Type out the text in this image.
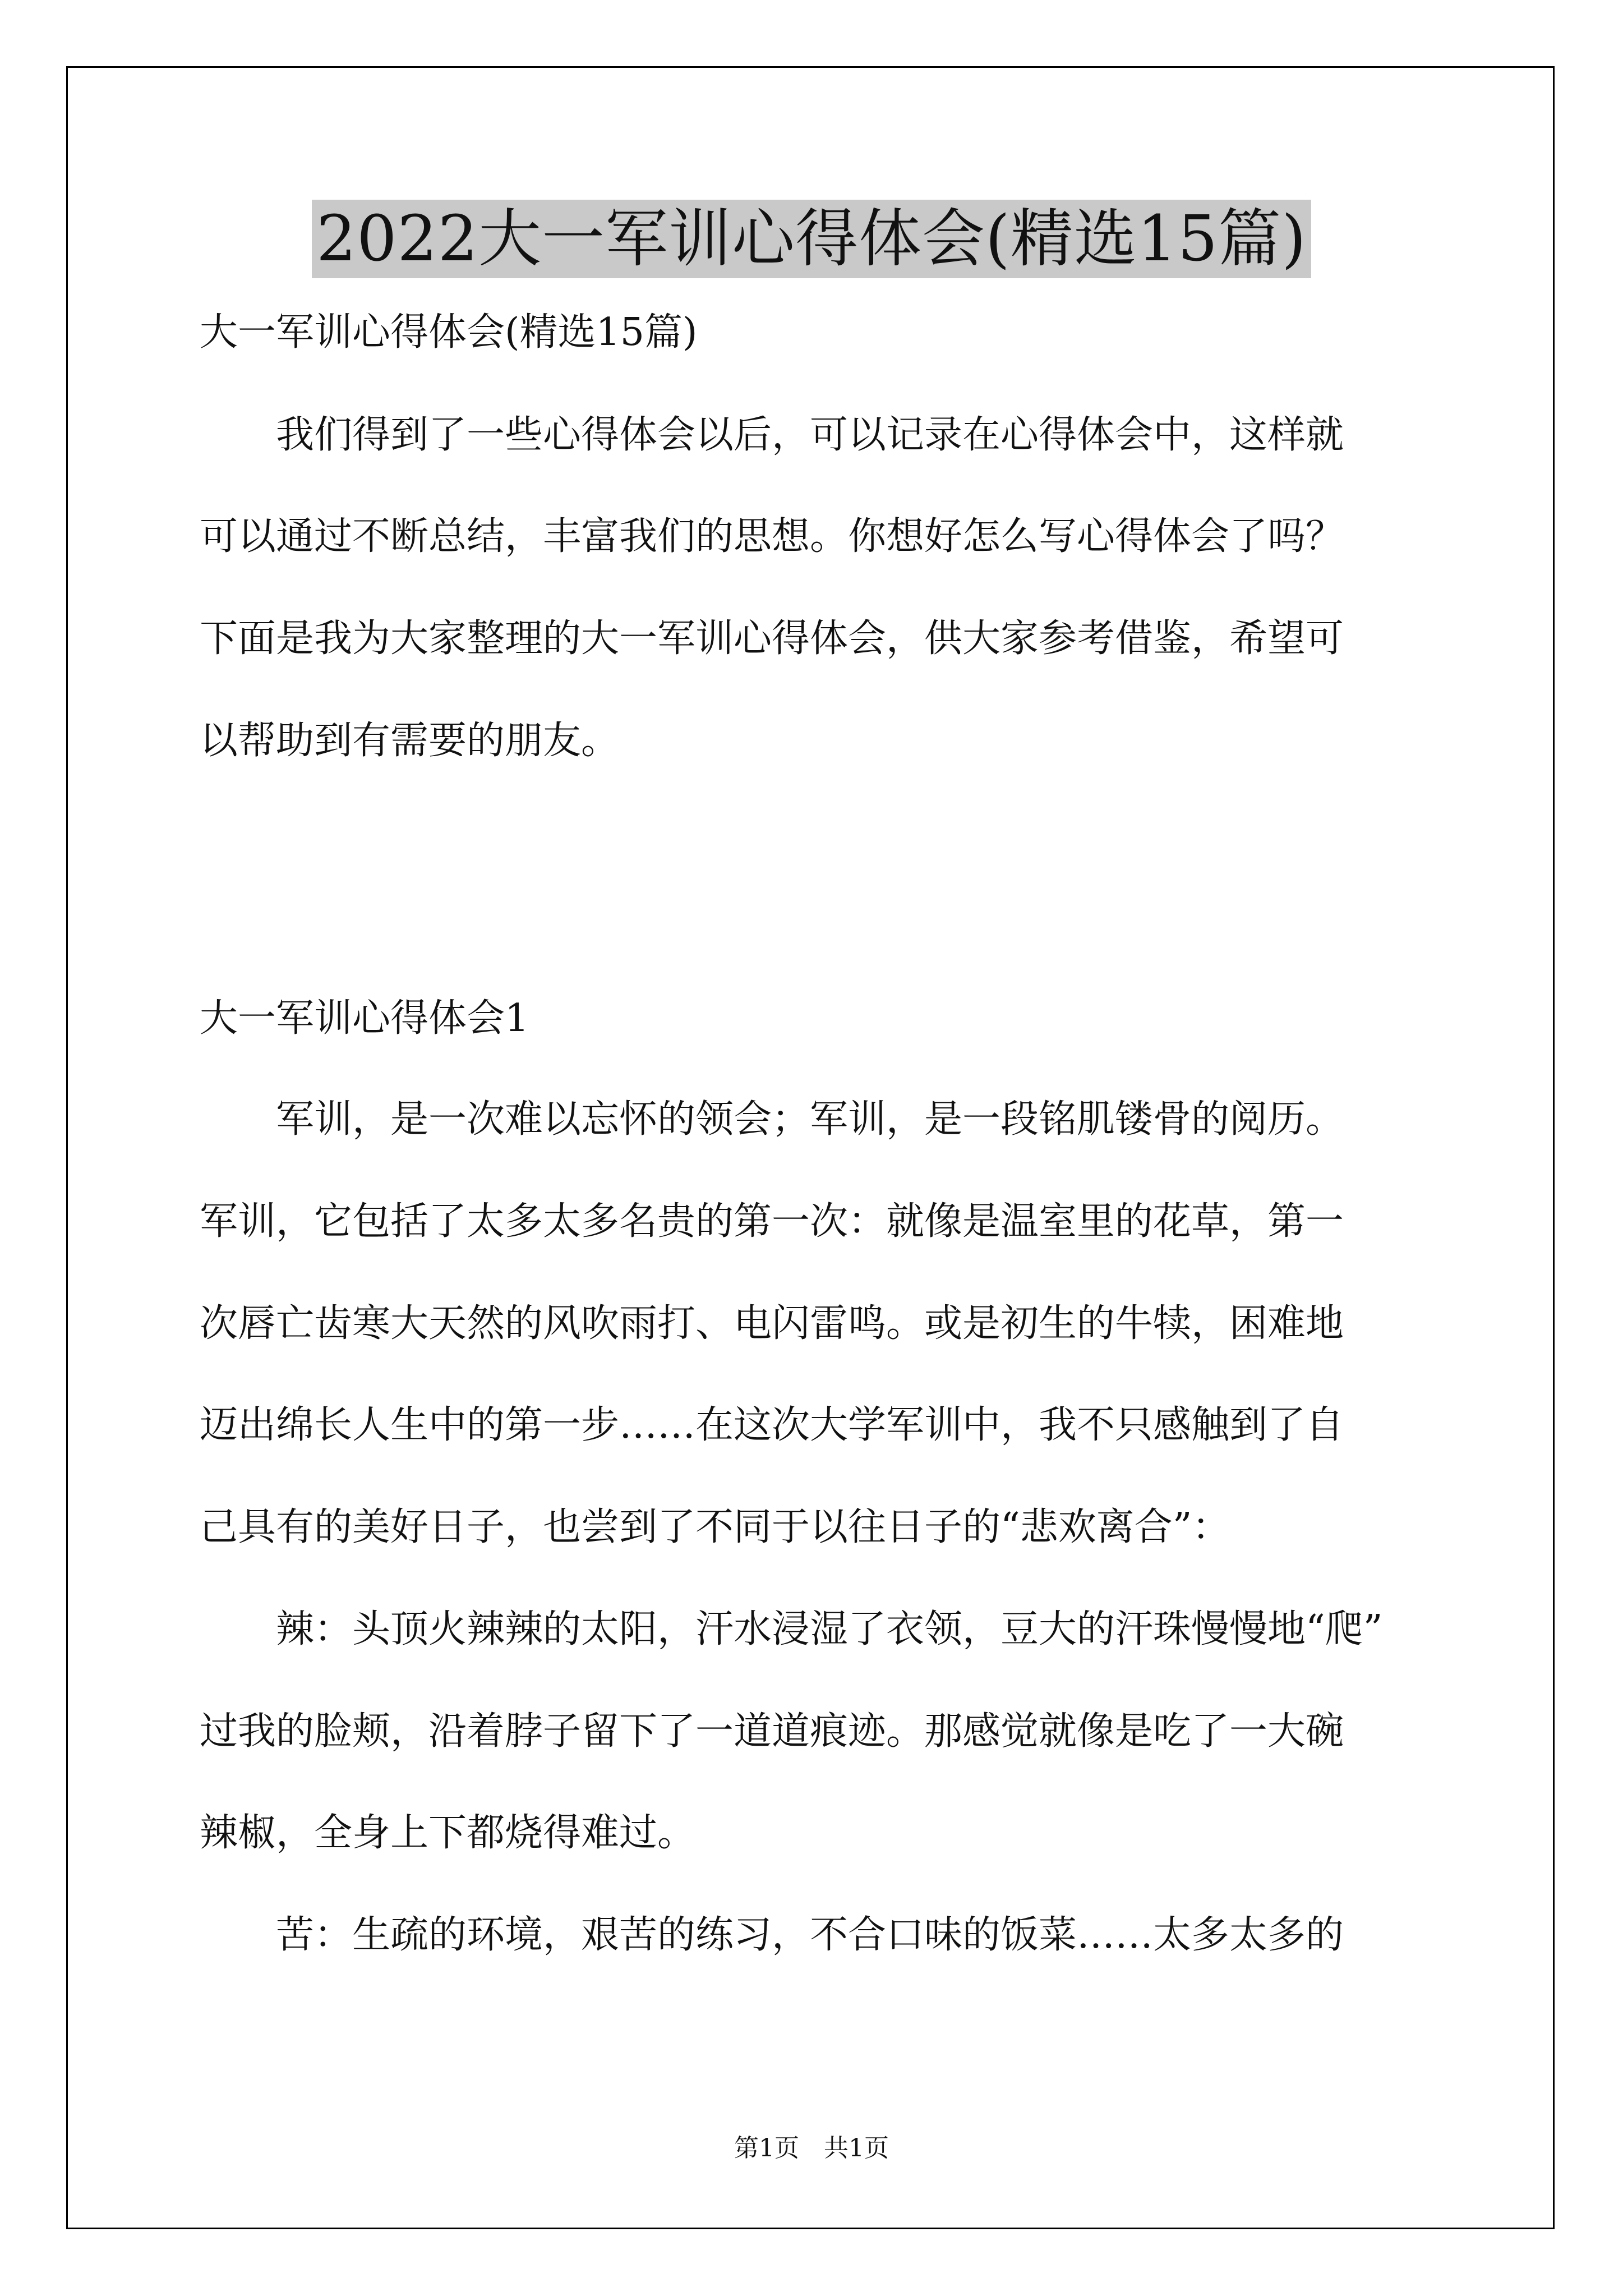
2022大一军训心得体会(精选15篇)
大一军训心得体会(精选15篇)
　　我们得到了一些心得体会以后，可以记录在心得体会中，这样就
可以通过不断总结，丰富我们的思想。你想好怎么写心得体会了吗？
下面是我为大家整理的大一军训心得体会，供大家参考借鉴，希望可
以帮助到有需要的朋友。
大一军训心得体会1
　　军训，是一次难以忘怀的领会；军训，是一段铭肌镂骨的阅历。
军训，它包括了太多太多名贵的第一次：就像是温室里的花草，第一
次唇亡齿寒大天然的风吹雨打、电闪雷鸣。或是初生的牛犊，困难地
迈出绵长人生中的第一步……在这次大学军训中，我不只感触到了自
己具有的美好日子，也尝到了不同于以往日子的“悲欢离合”：
　　辣：头顶火辣辣的太阳，汗水浸湿了衣领，豆大的汗珠慢慢地“爬”
过我的脸颊，沿着脖子留下了一道道痕迹。那感觉就像是吃了一大碗
辣椒，全身上下都烧得难过。
　　苦：生疏的环境，艰苦的练习，不合口味的饭菜……太多太多的
第1页　共1页
